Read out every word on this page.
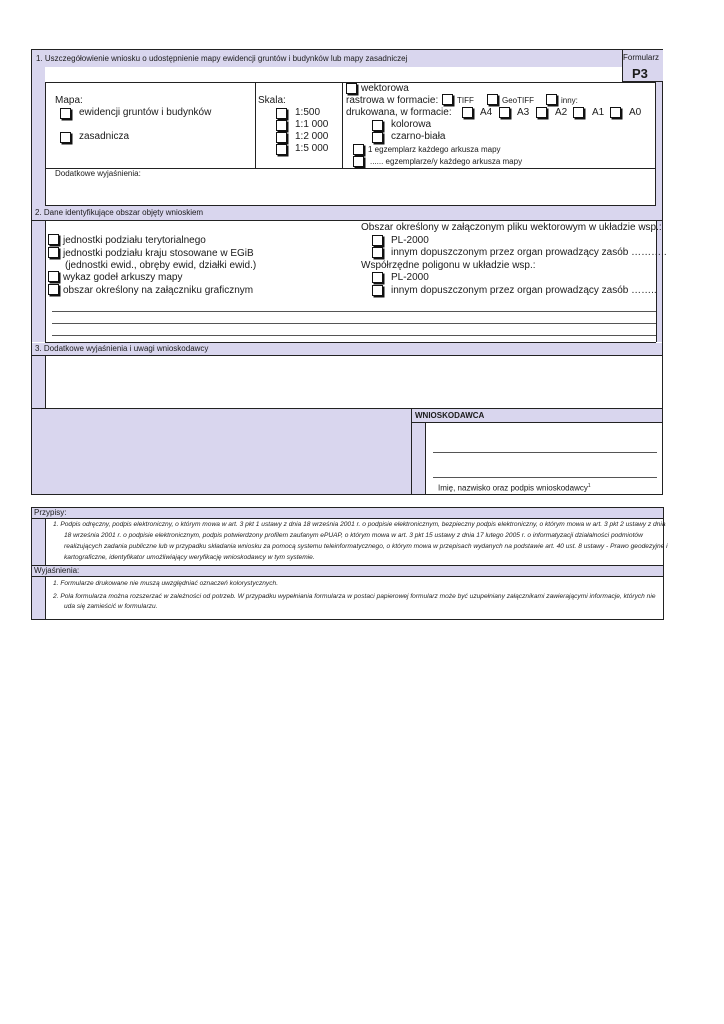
1. Uszczegółowienie wniosku o udostępnienie mapy ewidencji gruntów i budynków lub mapy zasadniczej	Formularz
P3
Mapa:
ewidencji gruntów i budynków
zasadnicza
Skala:
1:500
1:1 000
1:2 000
1:5 000
wektorowa
rastrowa w formacie: TIFF	GeoTIFF	inny:
drukowana, w formacie:	A4 A3	A2 A1 A0
kolorowa
czarno-biała
1 egzemplarz każdego arkusza mapy
...... egzemplarze/y każdego arkusza mapy
Dodatkowe wyjaśnienia:
2. Dane identyfikujące obszar objęty wnioskiem
jednostki podziału terytorialnego
jednostki podziału kraju stosowane w EGiB
(jednostki ewid., obręby ewid, działki ewid.)
wykaz godeł arkuszy mapy
obszar określony na załączniku graficznym
Obszar określony w załączonym pliku wektorowym w układzie wsp.:
PL-2000
innym dopuszczonym przez organ prowadzący zasób ………..
Współrzędne poligonu w układzie wsp.:
PL-2000
innym dopuszczonym przez organ prowadzący zasób ……..
3. Dodatkowe wyjaśnienia i uwagi wnioskodawcy
WNIOSKODAWCA
Imię, nazwisko oraz podpis wnioskodawcy$^1$
Przypisy:
1. Podpis odręczny, podpis elektroniczny, o którym mowa w art. 3 pkt 1 ustawy z dnia 18 września 2001 r. o podpisie elektronicznym, bezpieczny podpis elektroniczny, o którym mowa w art. 3 pkt 2 ustawy z dnia
18 września 2001 r. o podpisie elektronicznym, podpis potwierdzony profilem zaufanym ePUAP, o którym mowa w art. 3 pkt 15 ustawy z dnia 17 lutego 2005 r. o informatyzacji działalności podmiotów
realizujących zadania publiczne lub w przypadku składania wniosku za pomocą systemu teleinformatycznego, o którym mowa w przepisach wydanych na podstawie art. 40 ust. 8 ustawy - Prawo geodezyjne i
kartograficzne, identyfikator umożliwiający weryfikację wnioskodawcy w tym systemie.
Wyjaśnienia:
1. Formularze drukowane nie muszą uwzględniać oznaczeń kolorystycznych.
2. Pola formularza można rozszerzać w zależności od potrzeb. W przypadku wypełniania formularza w postaci papierowej formularz może być uzupełniany załącznikami zawierającymi informacje, których nie
uda się zamieścić w formularzu.
